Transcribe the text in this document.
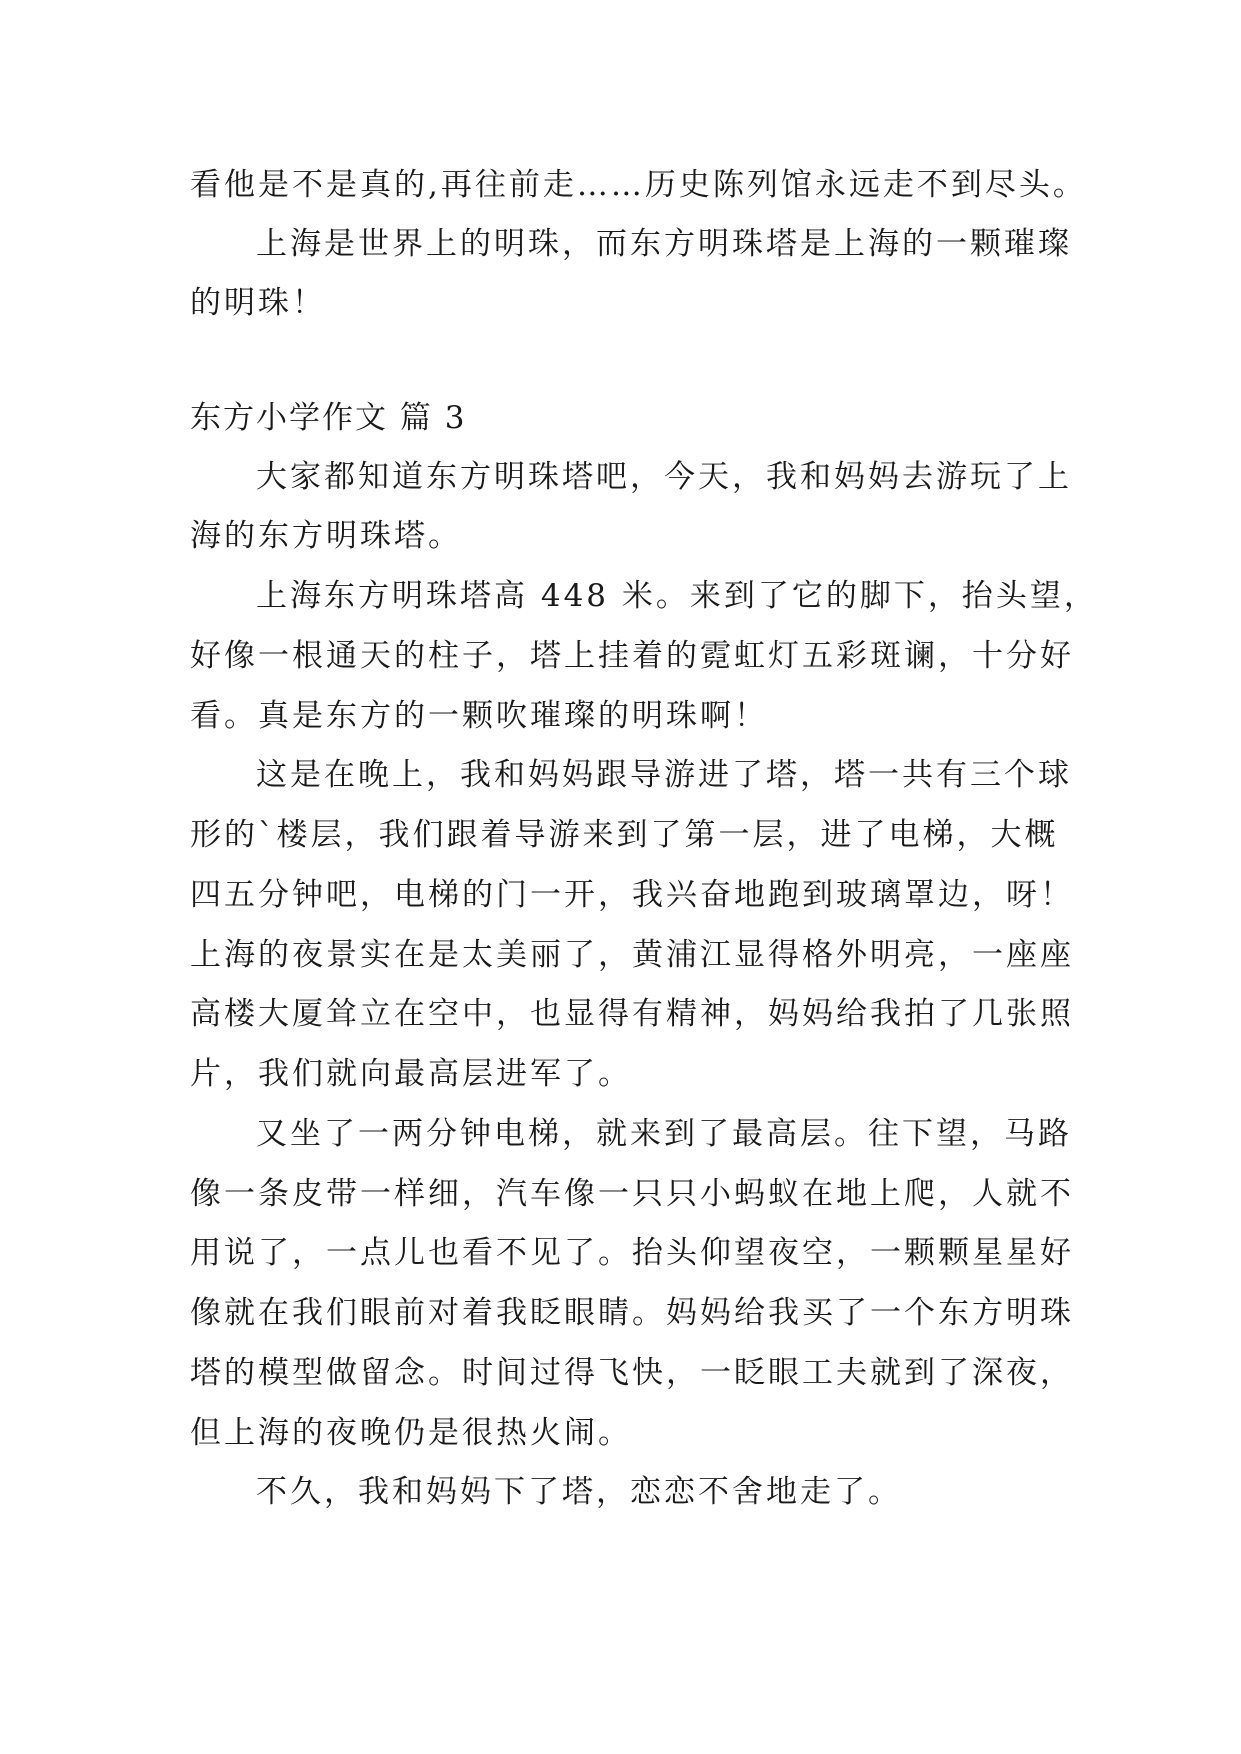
看他是不是真的,再往前走……历史陈列馆永远走不到尽头。
上海是世界上的明珠，而东方明珠塔是上海的一颗璀璨
的明珠！
东方小学作文 篇 3
大家都知道东方明珠塔吧，今天，我和妈妈去游玩了上
海的东方明珠塔。
上海东方明珠塔高 448 米。来到了它的脚下，抬头望，
好像一根通天的柱子，塔上挂着的霓虹灯五彩斑谰，十分好
看。真是东方的一颗吹璀璨的明珠啊！
这是在晚上，我和妈妈跟导游进了塔，塔一共有三个球
形的`楼层，我们跟着导游来到了第一层，进了电梯，大概
四五分钟吧，电梯的门一开，我兴奋地跑到玻璃罩边，呀！
上海的夜景实在是太美丽了，黄浦江显得格外明亮，一座座
高楼大厦耸立在空中，也显得有精神，妈妈给我拍了几张照
片，我们就向最高层进军了。
又坐了一两分钟电梯，就来到了最高层。往下望，马路
像一条皮带一样细，汽车像一只只小蚂蚁在地上爬，人就不
用说了，一点儿也看不见了。抬头仰望夜空，一颗颗星星好
像就在我们眼前对着我眨眼睛。妈妈给我买了一个东方明珠
塔的模型做留念。时间过得飞快，一眨眼工夫就到了深夜，
但上海的夜晚仍是很热火闹。
不久，我和妈妈下了塔，恋恋不舍地走了。
